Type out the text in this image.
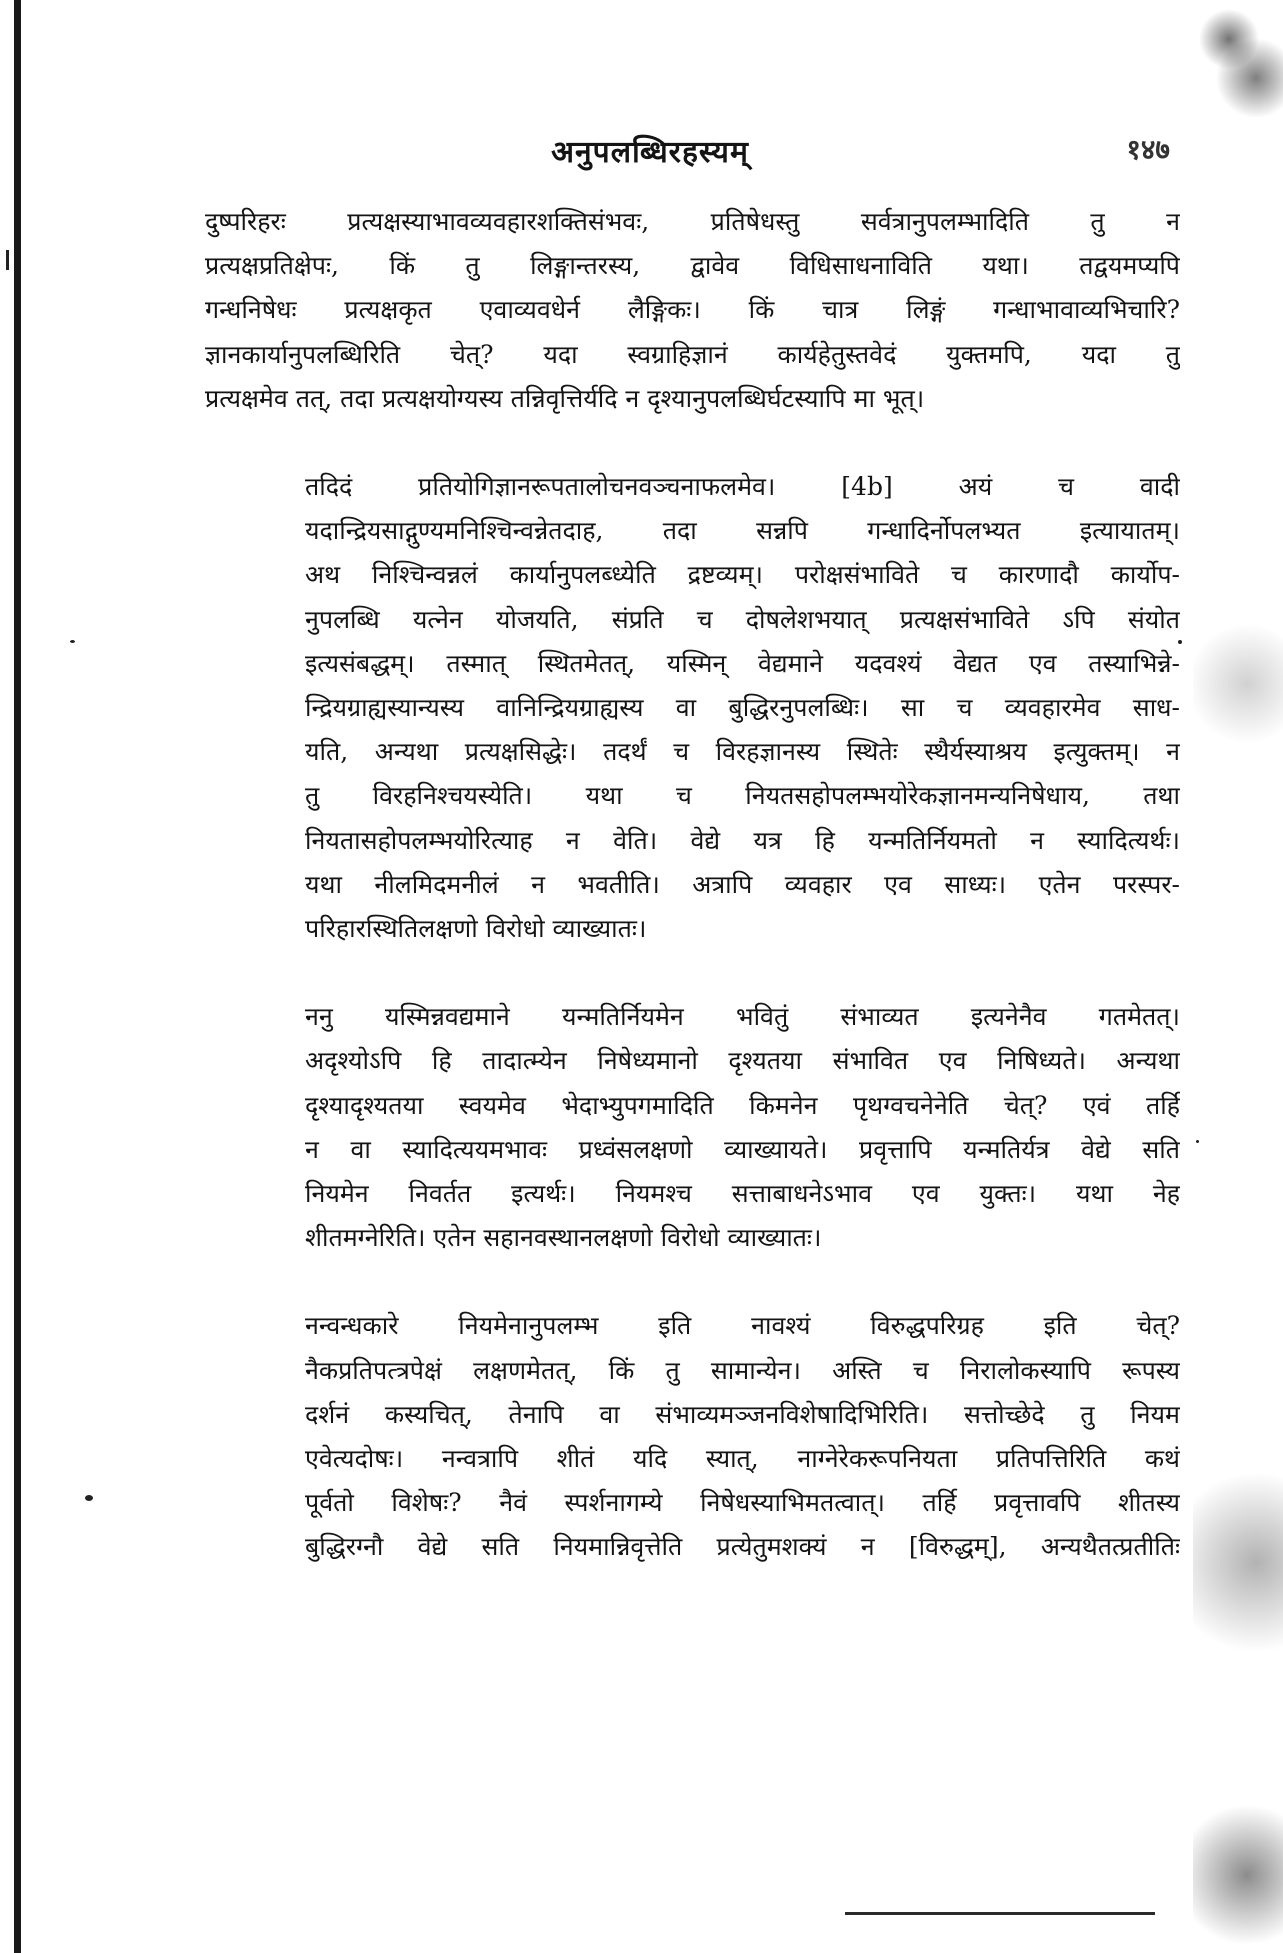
अनुपलब्धिरहस्यम्	१४७

दुष्परिहरः प्रत्यक्षस्याभावव्यवहारशक्तिसंभवः, प्रतिषेधस्तु सर्वत्रानुपलम्भादिति तु न
प्रत्यक्षप्रतिक्षेपः, किं तु लिङ्गान्तरस्य, द्वावेव विधिसाधनाविति यथा। तद्वयमप्यपि
गन्धनिषेधः प्रत्यक्षकृत एवाव्यवधेर्न लैङ्गिकः। किं चात्र लिङ्गं गन्धाभावाव्यभिचारि?
ज्ञानकार्यानुपलब्धिरिति चेत्? यदा स्वग्राहिज्ञानं कार्यहेतुस्तवेदं युक्तमपि, यदा तु
प्रत्यक्षमेव तत्, तदा प्रत्यक्षयोग्यस्य तन्निवृत्तिर्यदि न दृश्यानुपलब्धिर्घटस्यापि मा भूत्।

तदिदं प्रतियोगिज्ञानरूपतालोचनवञ्चनाफलमेव। [4b] अयं च वादी
यदान्द्रियसाद्गुण्यमनिश्चिन्वन्नेतदाह, तदा सन्नपि गन्धादिर्नोपलभ्यत इत्यायातम्।
अथ निश्चिन्वन्नलं कार्यानुपलब्ध्येति द्रष्टव्यम्। परोक्षसंभाविते च कारणादौ कार्योप-
नुपलब्धि यत्नेन योजयति, संप्रति च दोषलेशभयात् प्रत्यक्षसंभाविते ऽपि संयोत
इत्यसंबद्धम्। तस्मात् स्थितमेतत्, यस्मिन् वेद्यमाने यदवश्यं वेद्यत एव तस्याभिन्ने-
न्द्रियग्राह्यस्यान्यस्य वानिन्द्रियग्राह्यस्य वा बुद्धिरनुपलब्धिः। सा च व्यवहारमेव साध-
यति, अन्यथा प्रत्यक्षसिद्धेः। तदर्थं च विरहज्ञानस्य स्थितेः स्थैर्यस्याश्रय इत्युक्तम्। न
तु विरहनिश्चयस्येति। यथा च नियतसहोपलम्भयोरेकज्ञानमन्यनिषेधाय, तथा
नियतासहोपलम्भयोरित्याह न वेति। वेद्ये यत्र हि यन्मतिर्नियमतो न स्यादित्यर्थः।
यथा नीलमिदमनीलं न भवतीति। अत्रापि व्यवहार एव साध्यः। एतेन परस्पर-
परिहारस्थितिलक्षणो विरोधो व्याख्यातः।

ननु यस्मिन्नवद्यमाने यन्मतिर्नियमेन भवितुं संभाव्यत इत्यनेनैव गतमेतत्।
अदृश्योऽपि हि तादात्म्येन निषेध्यमानो दृश्यतया संभावित एव निषिध्यते। अन्यथा
दृश्यादृश्यतया स्वयमेव भेदाभ्युपगमादिति किमनेन पृथग्वचनेनेति चेत्? एवं तर्हि
न वा स्यादित्ययमभावः प्रध्वंसलक्षणो व्याख्यायते। प्रवृत्तापि यन्मतिर्यत्र वेद्ये सति
नियमेन निवर्तत इत्यर्थः। नियमश्च सत्ताबाधनेऽभाव एव युक्तः। यथा नेह
शीतमग्नेरिति। एतेन सहानवस्थानलक्षणो विरोधो व्याख्यातः।

नन्वन्धकारे नियमेनानुपलम्भ इति नावश्यं विरुद्धपरिग्रह इति चेत्?
नैकप्रतिपत्त्रपेक्षं लक्षणमेतत्, किं तु सामान्येन। अस्ति च निरालोकस्यापि रूपस्य
दर्शनं कस्यचित्, तेनापि वा संभाव्यमञ्जनविशेषादिभिरिति। सत्तोच्छेदे तु नियम
एवेत्यदोषः। नन्वत्रापि शीतं यदि स्यात्, नाग्नेरेकरूपनियता प्रतिपत्तिरिति कथं
पूर्वतो विशेषः? नैवं स्पर्शनागम्ये निषेधस्याभिमतत्वात्। तर्हि प्रवृत्तावपि शीतस्य
बुद्धिरग्नौ वेद्ये सति नियमान्निवृत्तेति प्रत्येतुमशक्यं न [विरुद्धम्], अन्यथैतत्प्रतीतिः
